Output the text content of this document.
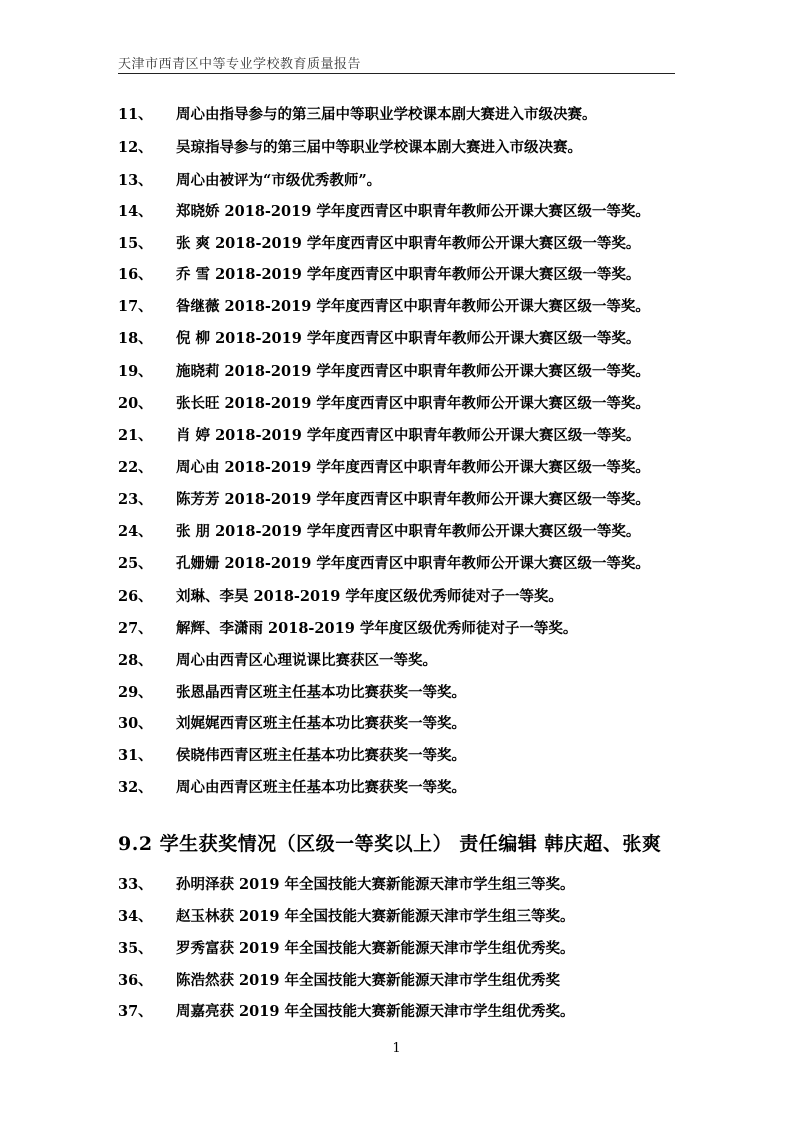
天津市西青区中等专业学校教育质量报告
11、 周心由指导参与的第三届中等职业学校课本剧大赛进入市级决赛。
12、 吴琼指导参与的第三届中等职业学校课本剧大赛进入市级决赛。
13、 周心由被评为“市级优秀教师”。
14、 郑晓娇 2018-2019 学年度西青区中职青年教师公开课大赛区级一等奖。
15、 张 爽 2018-2019 学年度西青区中职青年教师公开课大赛区级一等奖。
16、 乔 雪 2018-2019 学年度西青区中职青年教师公开课大赛区级一等奖。
17、 昝继薇 2018-2019 学年度西青区中职青年教师公开课大赛区级一等奖。
18、 倪 柳 2018-2019 学年度西青区中职青年教师公开课大赛区级一等奖。
19、 施晓莉 2018-2019 学年度西青区中职青年教师公开课大赛区级一等奖。
20、 张长旺 2018-2019 学年度西青区中职青年教师公开课大赛区级一等奖。
21、 肖 婷 2018-2019 学年度西青区中职青年教师公开课大赛区级一等奖。
22、 周心由 2018-2019 学年度西青区中职青年教师公开课大赛区级一等奖。
23、 陈芳芳 2018-2019 学年度西青区中职青年教师公开课大赛区级一等奖。
24、 张 朋 2018-2019 学年度西青区中职青年教师公开课大赛区级一等奖。
25、 孔姗姗 2018-2019 学年度西青区中职青年教师公开课大赛区级一等奖。
26、 刘琳、李昊 2018-2019 学年度区级优秀师徒对子一等奖。
27、 解辉、李潇雨 2018-2019 学年度区级优秀师徒对子一等奖。
28、 周心由西青区心理说课比赛获区一等奖。
29、 张恩晶西青区班主任基本功比赛获奖一等奖。
30、 刘娓娓西青区班主任基本功比赛获奖一等奖。
31、 侯晓伟西青区班主任基本功比赛获奖一等奖。
32、 周心由西青区班主任基本功比赛获奖一等奖。
9.2 学生获奖情况（区级一等奖以上） 责任编辑 韩庆超、张爽
33、 孙明泽获 2019 年全国技能大赛新能源天津市学生组三等奖。
34、 赵玉林获 2019 年全国技能大赛新能源天津市学生组三等奖。
35、 罗秀富获 2019 年全国技能大赛新能源天津市学生组优秀奖。
36、 陈浩然获 2019 年全国技能大赛新能源天津市学生组优秀奖
37、 周嘉亮获 2019 年全国技能大赛新能源天津市学生组优秀奖。
1
